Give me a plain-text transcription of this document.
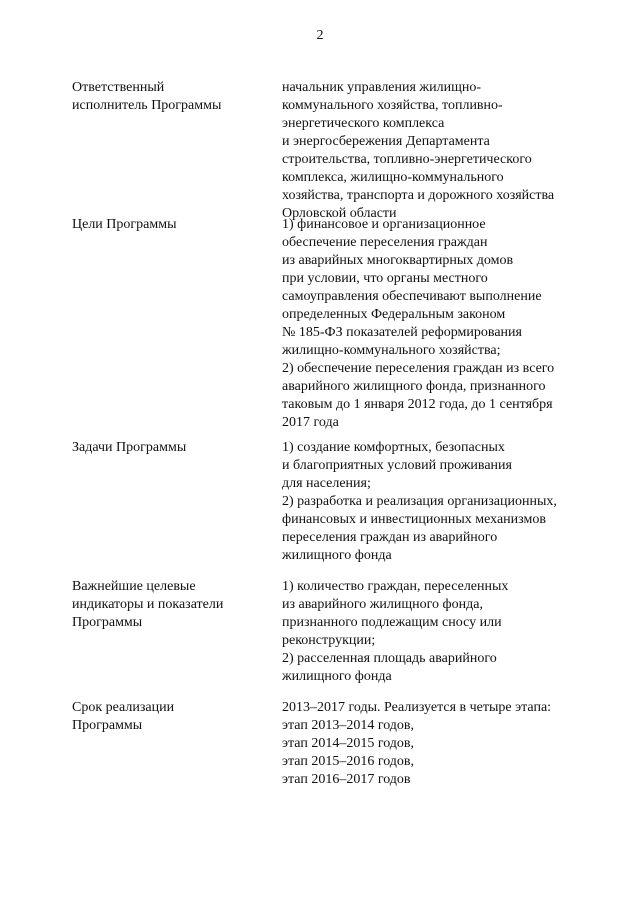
2
Ответственный
исполнитель Программы
начальник управления жилищно-
коммунального хозяйства, топливно-
энергетического комплекса
и энергосбережения Департамента
строительства, топливно-энергетического
комплекса, жилищно-коммунального
хозяйства, транспорта и дорожного хозяйства
Орловской области
Цели Программы	1) финансовое и организационное
обеспечение переселения граждан
из аварийных многоквартирных домов
при условии, что органы местного
самоуправления обеспечивают выполнение
определенных Федеральным законом
№ 185-ФЗ показателей реформирования
жилищно-коммунального хозяйства;
2) обеспечение переселения граждан из всего
аварийного жилищного фонда, признанного
таковым до 1 января 2012 года, до 1 сентября
2017 года
Задачи Программы	1) создание комфортных, безопасных
и благоприятных условий проживания
для населения;
2) разработка и реализация организационных,
финансовых и инвестиционных механизмов
переселения граждан из аварийного
жилищного фонда
Важнейшие целевые
индикаторы и показатели
Программы
1) количество граждан, переселенных
из аварийного жилищного фонда,
признанного подлежащим сносу или
реконструкции;
2) расселенная площадь аварийного
жилищного фонда
Срок реализации
Программы
2013–2017 годы. Реализуется в четыре этапа:
этап 2013–2014 годов,
этап 2014–2015 годов,
этап 2015–2016 годов,
этап 2016–2017 годов
